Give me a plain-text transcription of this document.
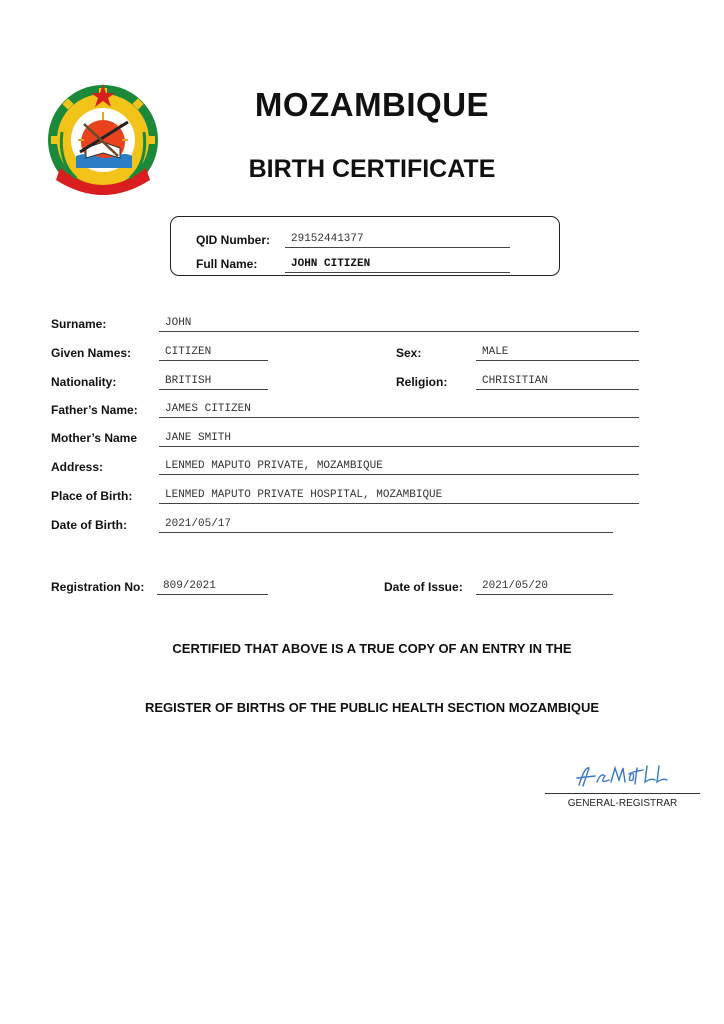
MOZAMBIQUE
BIRTH CERTIFICATE
QID Number:	29152441377
Full Name:	JOHN CITIZEN
Surname:	JOHN
Given Names:	CITIZEN	Sex:	MALE
Nationality:	BRITISH	Religion:	CHRISITIAN
Father’s Name:	JAMES CITIZEN
Mother’s Name	JANE SMITH
Address:	LENMED MAPUTO PRIVATE, MOZAMBIQUE
Place of Birth:	LENMED MAPUTO PRIVATE HOSPITAL, MOZAMBIQUE
Date of Birth:	2021/05/17
Registration No:	809/2021	Date of Issue:	2021/05/20
CERTIFIED THAT ABOVE IS A TRUE COPY OF AN ENTRY IN THE
REGISTER OF BIRTHS OF THE PUBLIC HEALTH SECTION MOZAMBIQUE
GENERAL-REGISTRAR
